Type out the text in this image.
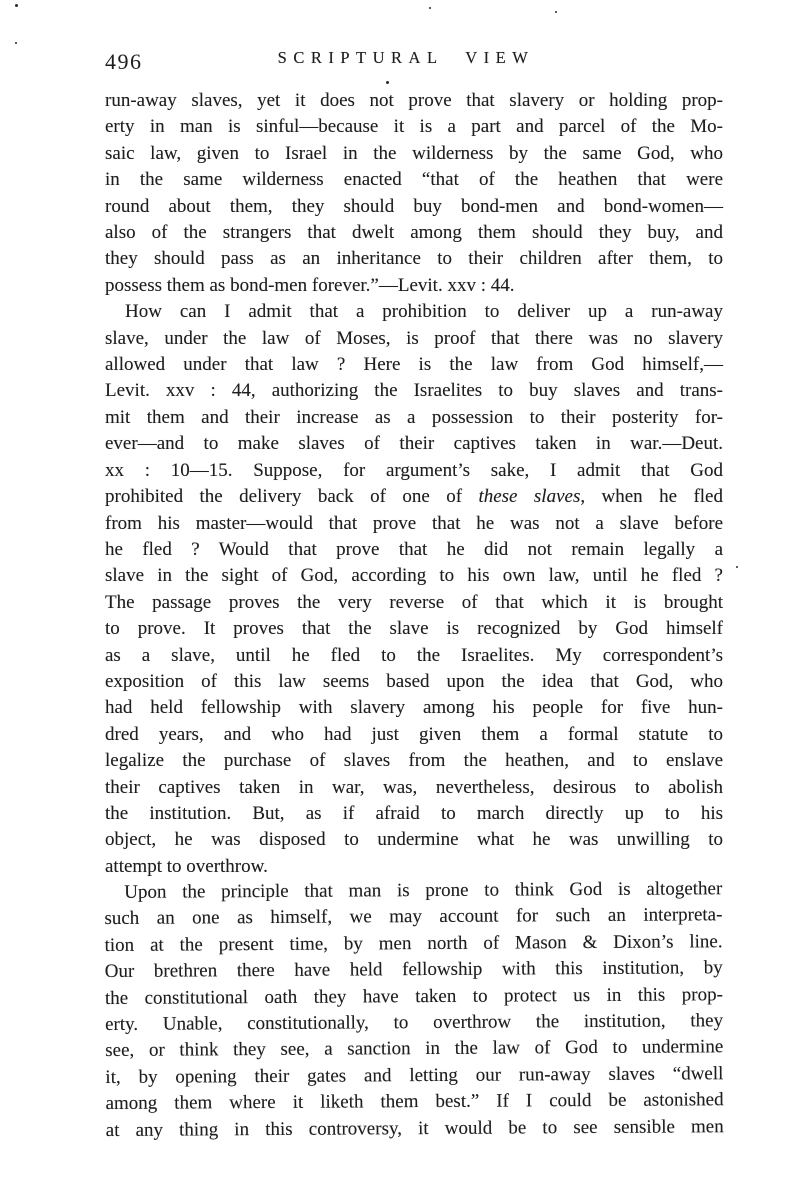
496	SCRIPTURAL VIEW
run-away slaves, yet it does not prove that slavery or holding prop-
erty in man is sinful—because it is a part and parcel of the Mo-
saic law, given to Israel in the wilderness by the same God, who
in the same wilderness enacted “that of the heathen that were
round about them, they should buy bond-men and bond-women—
also of the strangers that dwelt among them should they buy, and
they should pass as an inheritance to their children after them, to
possess them as bond-men forever.”—Levit. xxv : 44.
How can I admit that a prohibition to deliver up a run-away
slave, under the law of Moses, is proof that there was no slavery
allowed under that law ? Here is the law from God himself,—
Levit. xxv : 44, authorizing the Israelites to buy slaves and trans-
mit them and their increase as a possession to their posterity for-
ever—and to make slaves of their captives taken in war.—Deut.
xx : 10—15. Suppose, for argument’s sake, I admit that God
prohibited the delivery back of one of these slaves, when he fled
from his master—would that prove that he was not a slave before
he fled ? Would that prove that he did not remain legally a
slave in the sight of God, according to his own law, until he fled ?
The passage proves the very reverse of that which it is brought
to prove. It proves that the slave is recognized by God himself
as a slave, until he fled to the Israelites. My correspondent’s
exposition of this law seems based upon the idea that God, who
had held fellowship with slavery among his people for five hun-
dred years, and who had just given them a formal statute to
legalize the purchase of slaves from the heathen, and to enslave
their captives taken in war, was, nevertheless, desirous to abolish
the institution. But, as if afraid to march directly up to his
object, he was disposed to undermine what he was unwilling to
attempt to overthrow.
Upon the principle that man is prone to think God is altogether
such an one as himself, we may account for such an interpreta-
tion at the present time, by men north of Mason & Dixon’s line.
Our brethren there have held fellowship with this institution, by
the constitutional oath they have taken to protect us in this prop-
erty. Unable, constitutionally, to overthrow the institution, they
see, or think they see, a sanction in the law of God to undermine
it, by opening their gates and letting our run-away slaves “dwell
among them where it liketh them best.” If I could be astonished
at any thing in this controversy, it would be to see sensible men
